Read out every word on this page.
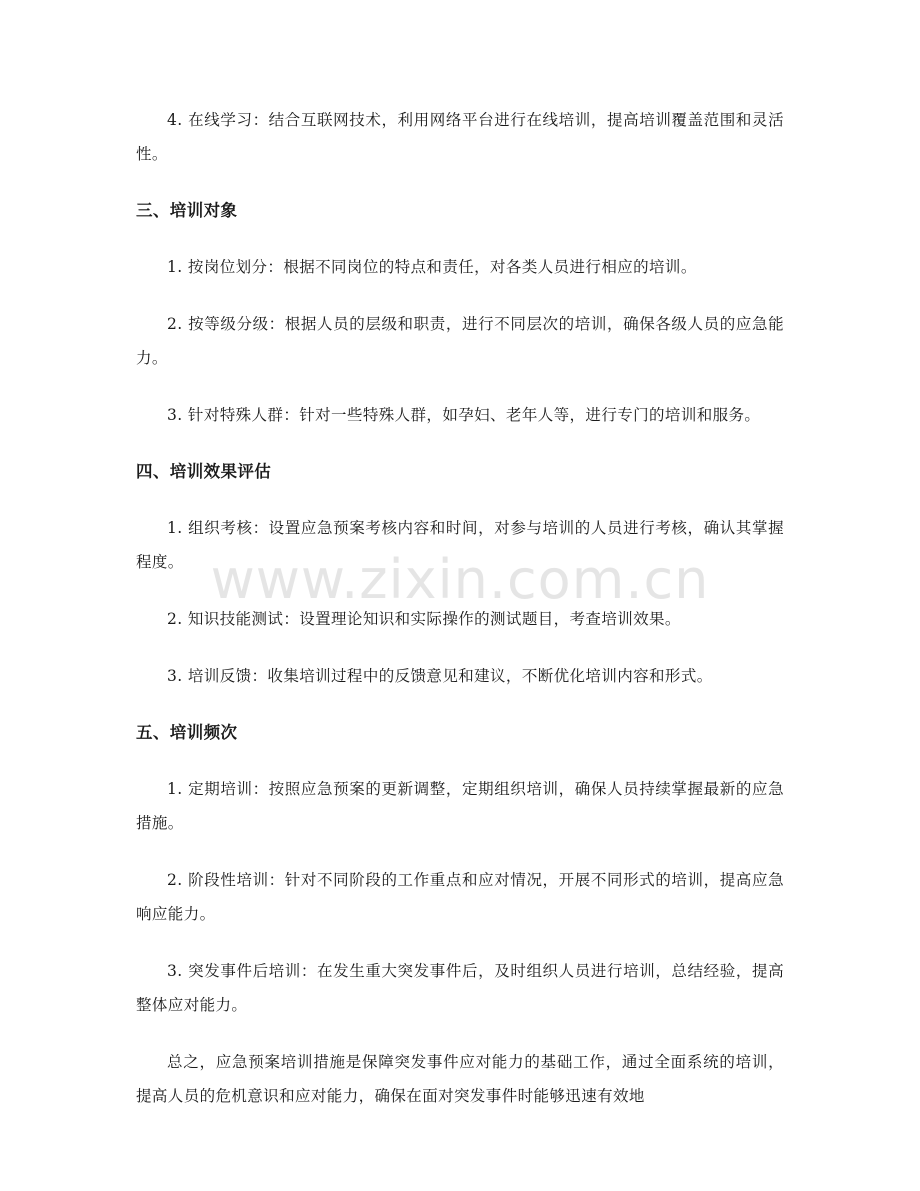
4. 在线学习：结合互联网技术，利用网络平台进行在线培训，提高培训覆盖范围和灵活性。

三、培训对象

1. 按岗位划分：根据不同岗位的特点和责任，对各类人员进行相应的培训。

2. 按等级分级：根据人员的层级和职责，进行不同层次的培训，确保各级人员的应急能力。

3. 针对特殊人群：针对一些特殊人群，如孕妇、老年人等，进行专门的培训和服务。

四、培训效果评估

1. 组织考核：设置应急预案考核内容和时间，对参与培训的人员进行考核，确认其掌握程度。

2. 知识技能测试：设置理论知识和实际操作的测试题目，考查培训效果。

3. 培训反馈：收集培训过程中的反馈意见和建议，不断优化培训内容和形式。

五、培训频次

1. 定期培训：按照应急预案的更新调整，定期组织培训，确保人员持续掌握最新的应急措施。

2. 阶段性培训：针对不同阶段的工作重点和应对情况，开展不同形式的培训，提高应急响应能力。

3. 突发事件后培训：在发生重大突发事件后，及时组织人员进行培训，总结经验，提高整体应对能力。

总之，应急预案培训措施是保障突发事件应对能力的基础工作，通过全面系统的培训，提高人员的危机意识和应对能力，确保在面对突发事件时能够迅速有效地

www.zixin.com.cn
